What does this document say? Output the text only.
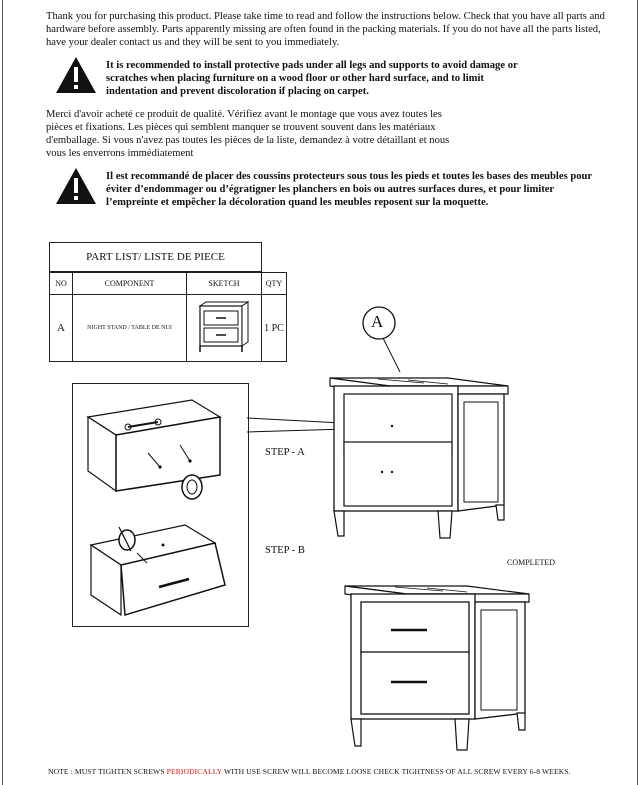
Thank you for purchasing this product. Please take time to read and follow the instructions below. Check that you have all parts and
hardware before assembly. Parts apparently missing are often found in the packing materials. If you do not have all the parts listed,
have your dealer contact us and they will be sent to you immediately.
It is recommended to install protective pads under all legs and supports to avoid damage or
scratches when placing furniture on a wood floor or other hard surface, and to limit
indentation and prevent discoloration if placing on carpet.
Merci d'avoir acheté ce produit de qualité. Vérifiez avant le montage que vous avez toutes les
pièces et fixations. Les pièces qui semblent manquer se trouvent souvent dans les matériaux
d'emballage. Si vous n'avez pas toutes les pièces de la liste, demandez à votre détaillant et nous
vous les enverrons immédiatement
Il est recommandé de placer des coussins protecteurs sous tous les pieds et toutes les bases des meubles pour
éviter d’endommager ou d’égratigner les planchers en bois ou autres surfaces dures, et pour limiter
l’empreinte et empêcher la décoloration quand les meubles reposent sur la moquette.
PART LIST/ LISTE DE PIECE
NO	COMPONENT	SKETCH	QTY
A	NIGHT STAND / TABLE DE NUI		1 PC	A
STEP - A
STEP - B
COMPLETED
NOTE : MUST TIGHTEN SCREWS PERIODICALLY WITH USE SCREW WILL BECOME LOOSE CHECK TIGHTNESS OF ALL SCREW EVERY 6-8 WEEKS.
